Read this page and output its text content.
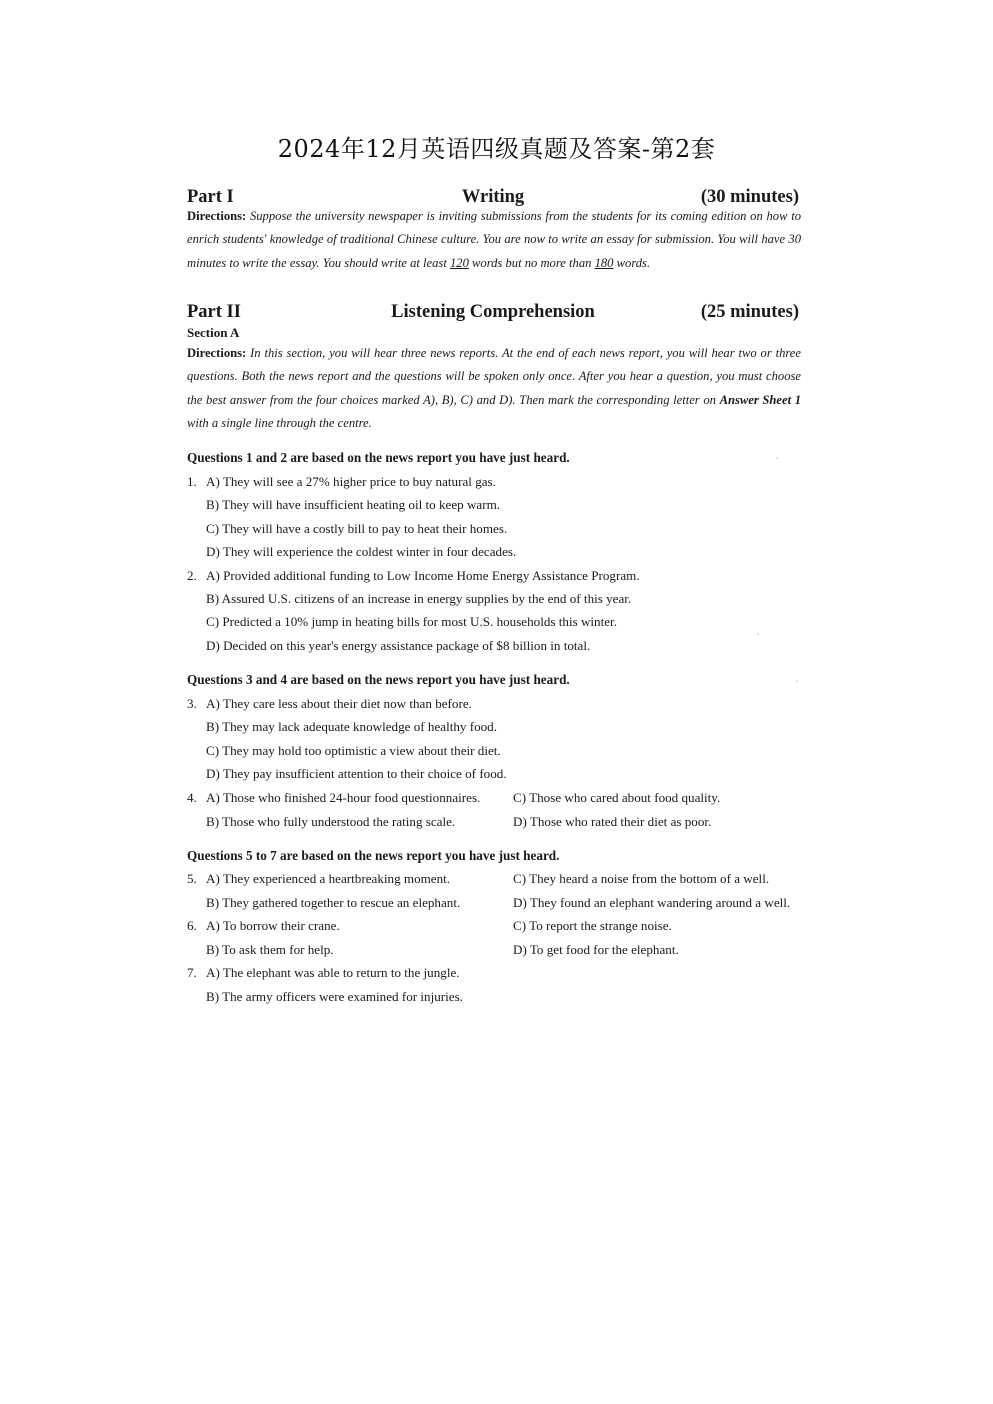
2024年12月英语四级真题及答案-第2套
Writing
Part I	(30 minutes)
Directions: Suppose the university newspaper is inviting submissions from the students for its coming edition on how to enrich students' knowledge of traditional Chinese culture. You are now to write an essay for submission. You will have 30 minutes to write the essay. You should write at least 120 words but no more than 180 words.
Listening Comprehension
Part II	(25 minutes)
Section A
Directions: In this section, you will hear three news reports. At the end of each news report, you will hear two or three questions. Both the news report and the questions will be spoken only once. After you hear a question, you must choose the best answer from the four choices marked A), B), C) and D). Then mark the corresponding letter on Answer Sheet 1 with a single line through the centre.
Questions 1 and 2 are based on the news report you have just heard.
1. A) They will see a 27% higher price to buy natural gas.
B) They will have insufficient heating oil to keep warm.
C) They will have a costly bill to pay to heat their homes.
D) They will experience the coldest winter in four decades.
2. A) Provided additional funding to Low Income Home Energy Assistance Program.
B) Assured U.S. citizens of an increase in energy supplies by the end of this year.
C) Predicted a 10% jump in heating bills for most U.S. households this winter.
D) Decided on this year's energy assistance package of $8 billion in total.
Questions 3 and 4 are based on the news report you have just heard.
3. A) They care less about their diet now than before.
B) They may lack adequate knowledge of healthy food.
C) They may hold too optimistic a view about their diet.
D) They pay insufficient attention to their choice of food.
4. A) Those who finished 24-hour food questionnaires. C) Those who cared about food quality.
B) Those who fully understood the rating scale.	D) Those who rated their diet as poor.
Questions 5 to 7 are based on the news report you have just heard.
5. A) They experienced a heartbreaking moment.	C) They heard a noise from the bottom of a well.
B) They gathered together to rescue an elephant.	D) They found an elephant wandering around a well.
6. A) To borrow their crane.	C) To report the strange noise.
B) To ask them for help.	D) To get food for the elephant.
7. A) The elephant was able to return to the jungle.
B) The army officers were examined for injuries.
